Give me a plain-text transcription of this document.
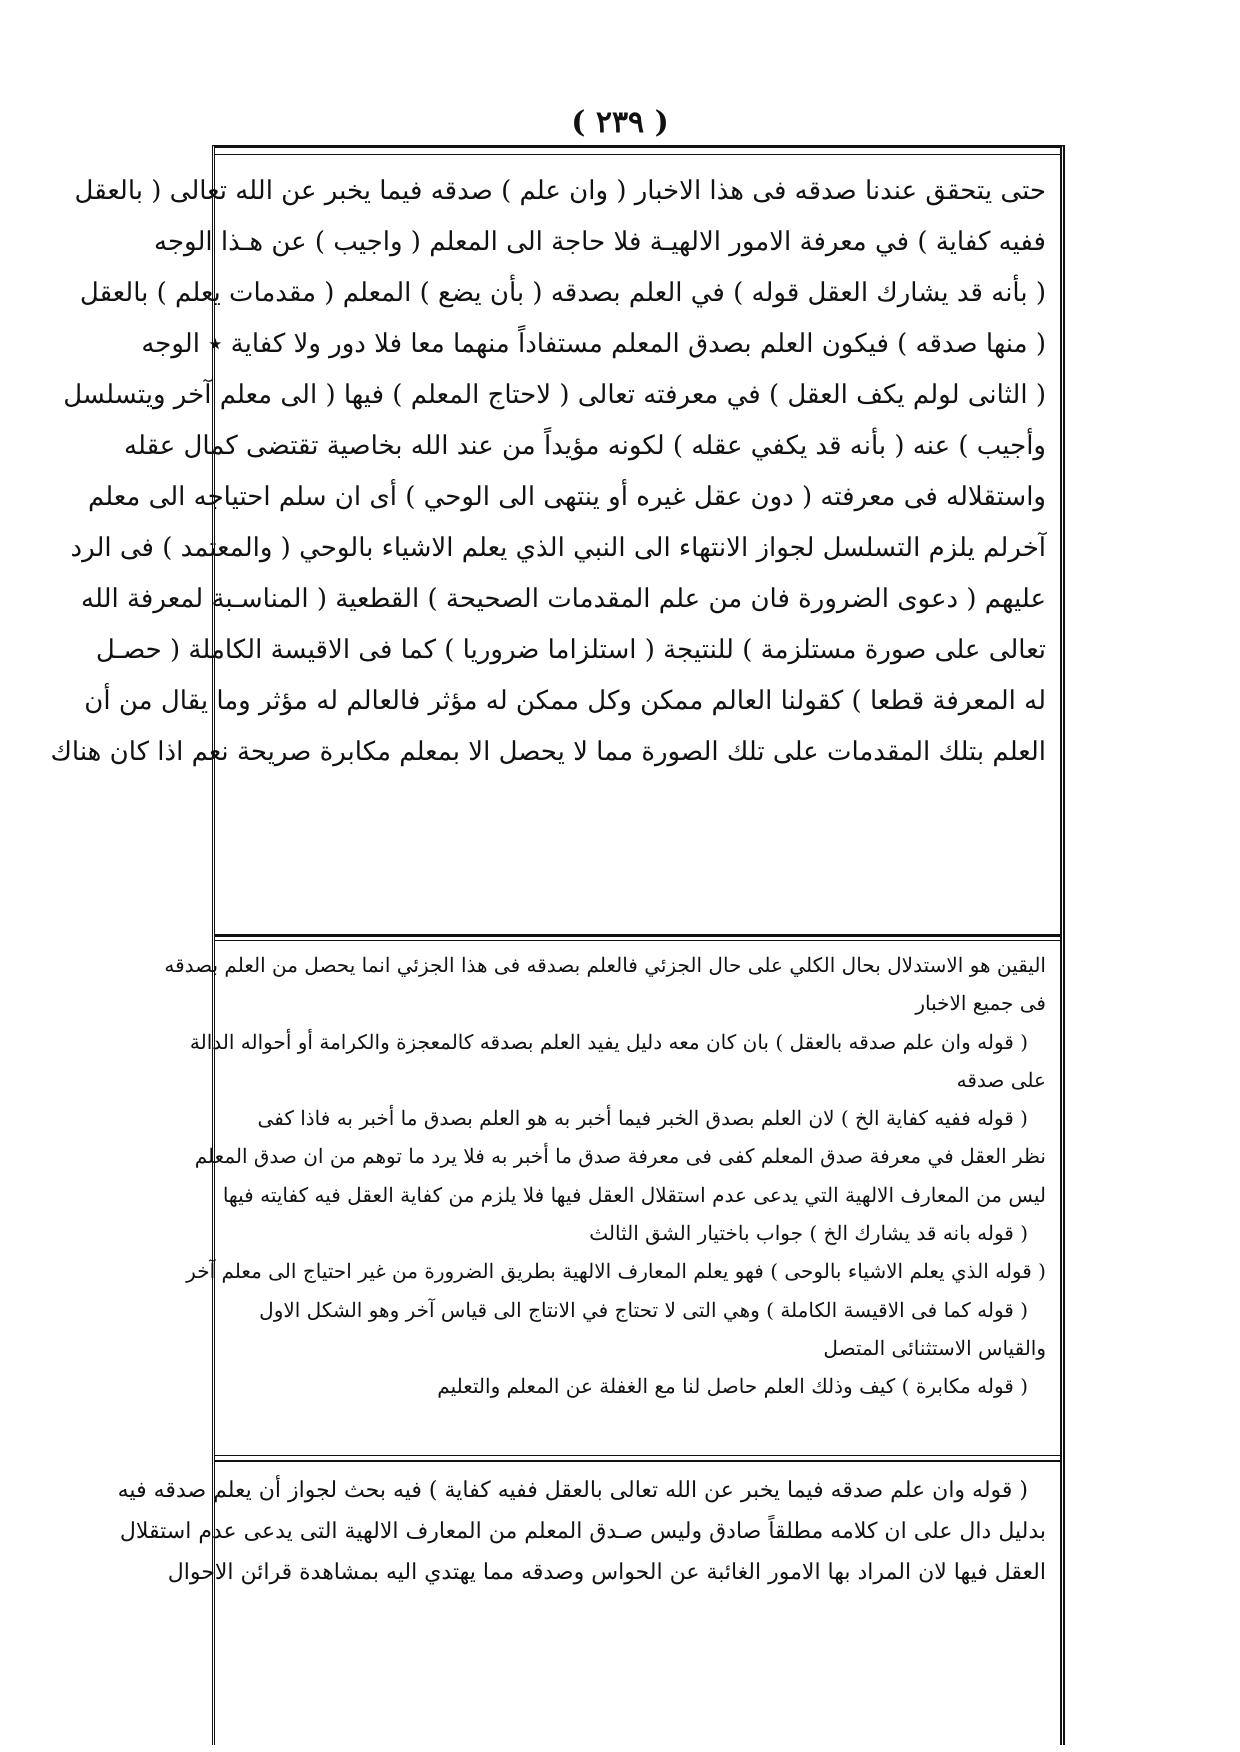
( ٢٣٩ )

حتى يتحقق عندنا صدقه فى هذا الاخبار ( وان علم ) صدقه فيما يخبر عن الله تعالى ( بالعقل

ففيه كفاية ) في معرفة الامور الالهيـة فلا حاجة الى المعلم ( واجيب ) عن هـذا الوجه

( بأنه قد يشارك العقل قوله ) في العلم بصدقه ( بأن يضع ) المعلم ( مقدمات يعلم ) بالعقل

( منها صدقه ) فيكون العلم بصدق المعلم مستفاداً منهما معا فلا دور ولا كفاية ٭ الوجه

( الثانى لولم يكف العقل ) في معرفته تعالى ( لاحتاج المعلم ) فيها ( الى معلم آخر ويتسلسل

وأجيب ) عنه ( بأنه قد يكفي عقله ) لكونه مؤيداً من عند الله بخاصية تقتضى كمال عقله

واستقلاله فى معرفته ( دون عقل غيره أو ينتهى الى الوحي ) أى ان سلم احتياجه الى معلم

آخرلم يلزم التسلسل لجواز الانتهاء الى النبي الذي يعلم الاشياء بالوحي ( والمعتمد ) فى الرد

عليهم ( دعوى الضرورة فان من علم المقدمات الصحيحة ) القطعية ( المناسـبة لمعرفة الله

تعالى على صورة مستلزمة ) للنتيجة ( استلزاما ضروريا ) كما فى الاقيسة الكاملة ( حصـل

له المعرفة قطعا ) كقولنا العالم ممكن وكل ممكن له مؤثر فالعالم له مؤثر وما يقال من أن

العلم بتلك المقدمات على تلك الصورة مما لا يحصل الا بمعلم مكابرة صريحة نعم اذا كان هناك

اليقين هو الاستدلال بحال الكلي على حال الجزئي فالعلم بصدقه فى هذا الجزئي انما يحصل من العلم بصدقه

فى جميع الاخبار

( قوله وان علم صدقه بالعقل ) بان كان معه دليل يفيد العلم بصدقه كالمعجزة والكرامة أو أحواله الدالة

على صدقه

( قوله ففيه كفاية الخ ) لان العلم بصدق الخبر فيما أخبر به هو العلم بصدق ما أخبر به فاذا كفى

نظر العقل في معرفة صدق المعلم كفى فى معرفة صدق ما أخبر به فلا يرد ما توهم من ان صدق المعلم

ليس من المعارف الالهية التي يدعى عدم استقلال العقل فيها فلا يلزم من كفاية العقل فيه كفايته فيها

( قوله بانه قد يشارك الخ ) جواب باختيار الشق الثالث

( قوله الذي يعلم الاشياء بالوحى ) فهو يعلم المعارف الالهية بطريق الضرورة من غير احتياج الى معلم آخر

( قوله كما فى الاقيسة الكاملة ) وهي التى لا تحتاج في الانتاج الى قياس آخر وهو الشكل الاول

والقياس الاستثنائى المتصل

( قوله مكابرة ) كيف وذلك العلم حاصل لنا مع الغفلة عن المعلم والتعليم

( قوله وان علم صدقه فيما يخبر عن الله تعالى بالعقل ففيه كفاية ) فيه بحث لجواز أن يعلم صدقه فيه

بدليل دال على ان كلامه مطلقاً صادق وليس صـدق المعلم من المعارف الالهية التى يدعى عدم استقلال

العقل فيها لان المراد بها الامور الغائبة عن الحواس وصدقه مما يهتدي اليه بمشاهدة قرائن الاحوال
